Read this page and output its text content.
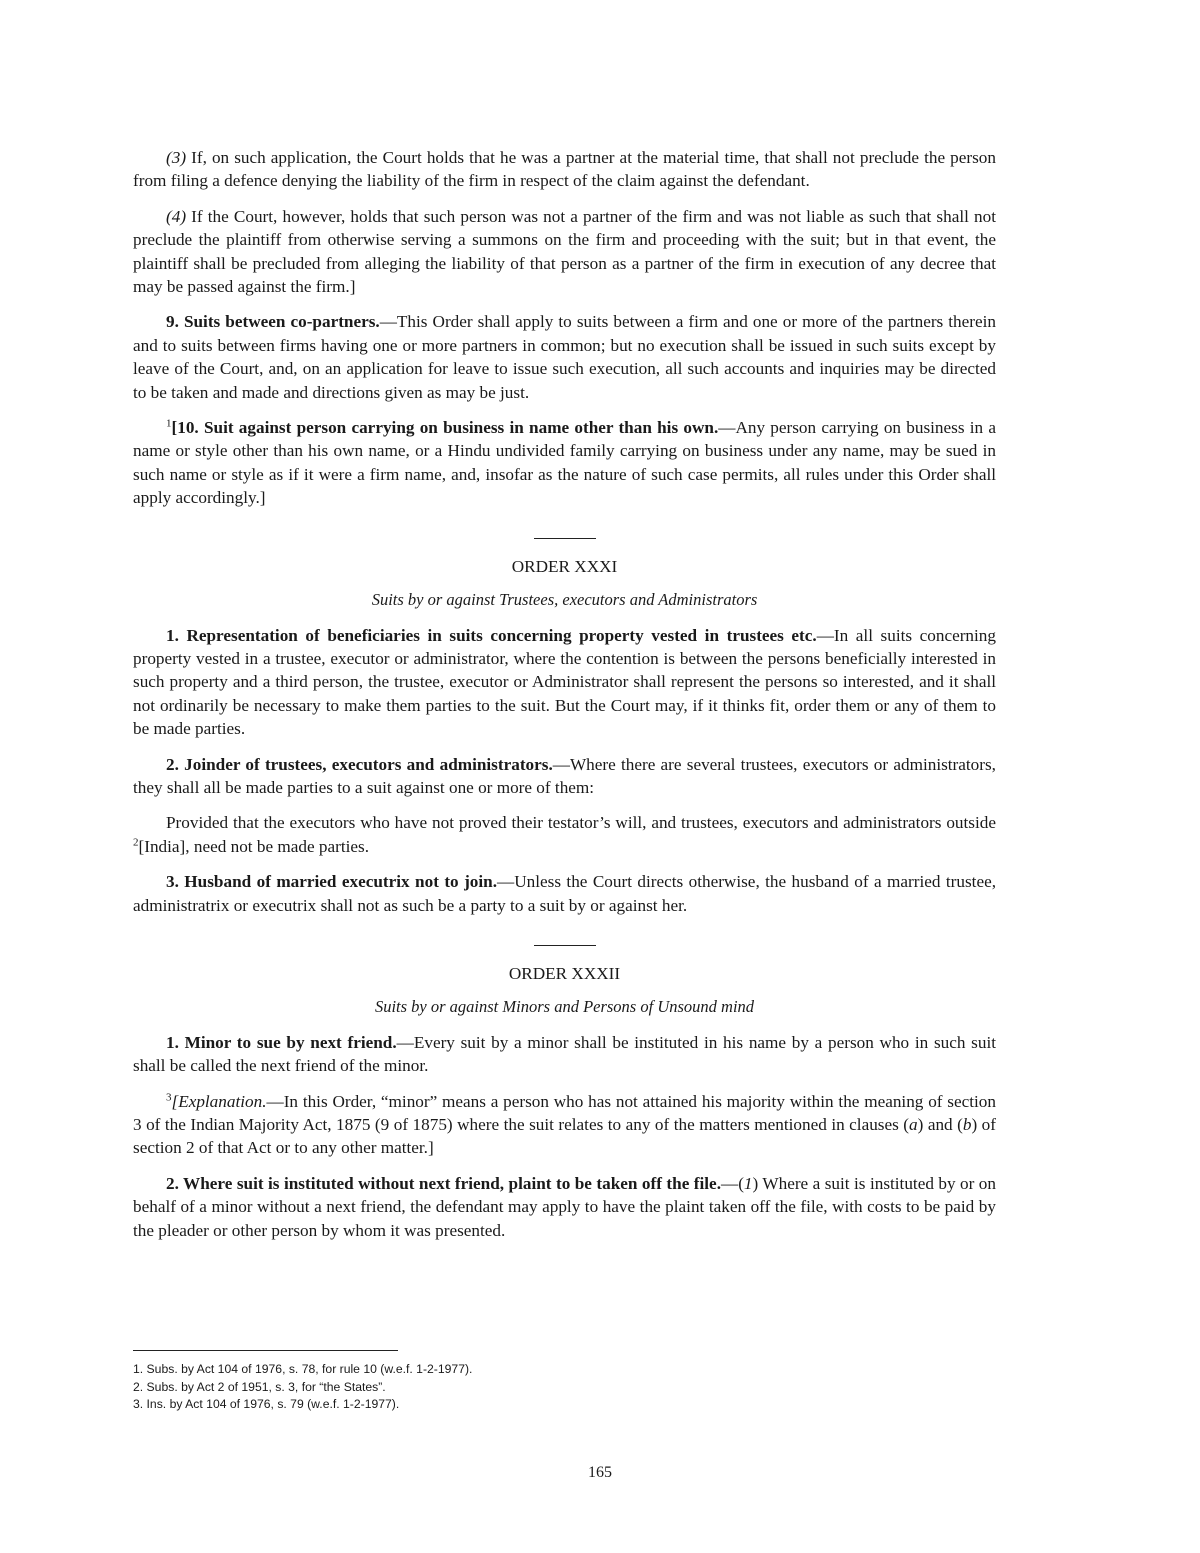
(3) If, on such application, the Court holds that he was a partner at the material time, that shall not preclude the person from filing a defence denying the liability of the firm in respect of the claim against the defendant.

(4) If the Court, however, holds that such person was not a partner of the firm and was not liable as such that shall not preclude the plaintiff from otherwise serving a summons on the firm and proceeding with the suit; but in that event, the plaintiff shall be precluded from alleging the liability of that person as a partner of the firm in execution of any decree that may be passed against the firm.]

9. Suits between co-partners.—This Order shall apply to suits between a firm and one or more of the partners therein and to suits between firms having one or more partners in common; but no execution shall be issued in such suits except by leave of the Court, and, on an application for leave to issue such execution, all such accounts and inquiries may be directed to be taken and made and directions given as may be just.

$^1$[10. Suit against person carrying on business in name other than his own.—Any person carrying on business in a name or style other than his own name, or a Hindu undivided family carrying on business under any name, may be sued in such name or style as if it were a firm name, and, insofar as the nature of such case permits, all rules under this Order shall apply accordingly.]

ORDER XXXI

Suits by or against Trustees, executors and Administrators

1. Representation of beneficiaries in suits concerning property vested in trustees etc.—In all suits concerning property vested in a trustee, executor or administrator, where the contention is between the persons beneficially interested in such property and a third person, the trustee, executor or Administrator shall represent the persons so interested, and it shall not ordinarily be necessary to make them parties to the suit. But the Court may, if it thinks fit, order them or any of them to be made parties.

2. Joinder of trustees, executors and administrators.—Where there are several trustees, executors or administrators, they shall all be made parties to a suit against one or more of them:

Provided that the executors who have not proved their testator’s will, and trustees, executors and administrators outside $^2$[India], need not be made parties.

3. Husband of married executrix not to join.—Unless the Court directs otherwise, the husband of a married trustee, administratrix or executrix shall not as such be a party to a suit by or against her.

ORDER XXXII

Suits by or against Minors and Persons of Unsound mind

1. Minor to sue by next friend.—Every suit by a minor shall be instituted in his name by a person who in such suit shall be called the next friend of the minor.

$^3$[Explanation.—In this Order, “minor” means a person who has not attained his majority within the meaning of section 3 of the Indian Majority Act, 1875 (9 of 1875) where the suit relates to any of the matters mentioned in clauses (a) and (b) of section 2 of that Act or to any other matter.]

2. Where suit is instituted without next friend, plaint to be taken off the file.—(1) Where a suit is instituted by or on behalf of a minor without a next friend, the defendant may apply to have the plaint taken off the file, with costs to be paid by the pleader or other person by whom it was presented.

1. Subs. by Act 104 of 1976, s. 78, for rule 10 (w.e.f. 1-2-1977).

2. Subs. by Act 2 of 1951, s. 3, for “the States”.

3. Ins. by Act 104 of 1976, s. 79 (w.e.f. 1-2-1977).

165
